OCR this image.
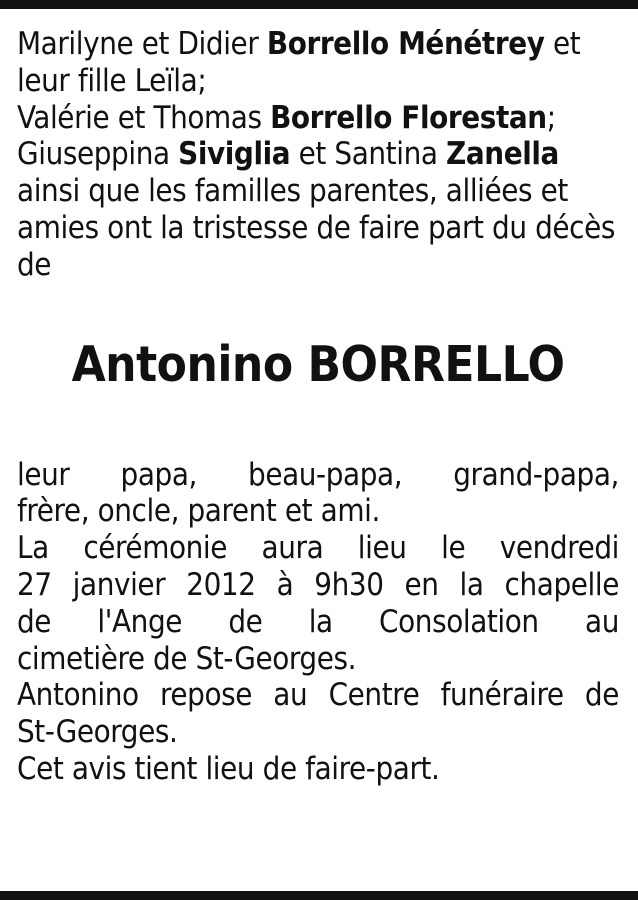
Marilyne et Didier Borrello Ménétrey et leur fille Leïla;

Valérie et Thomas Borrello Florestan;

Giuseppina Siviglia et Santina Zanella

ainsi que les familles parentes, alliées et amies ont la tristesse de faire part du décès de

Antonino BORRELLO

leur papa, beau-papa, grand-papa,
frère, oncle, parent et ami.

La cérémonie aura lieu le vendredi
27 janvier 2012 à 9h30 en la chapelle
de l'Ange de la Consolation au
cimetière de St-Georges.

Antonino repose au Centre funéraire de
St-Georges.

Cet avis tient lieu de faire-part.
